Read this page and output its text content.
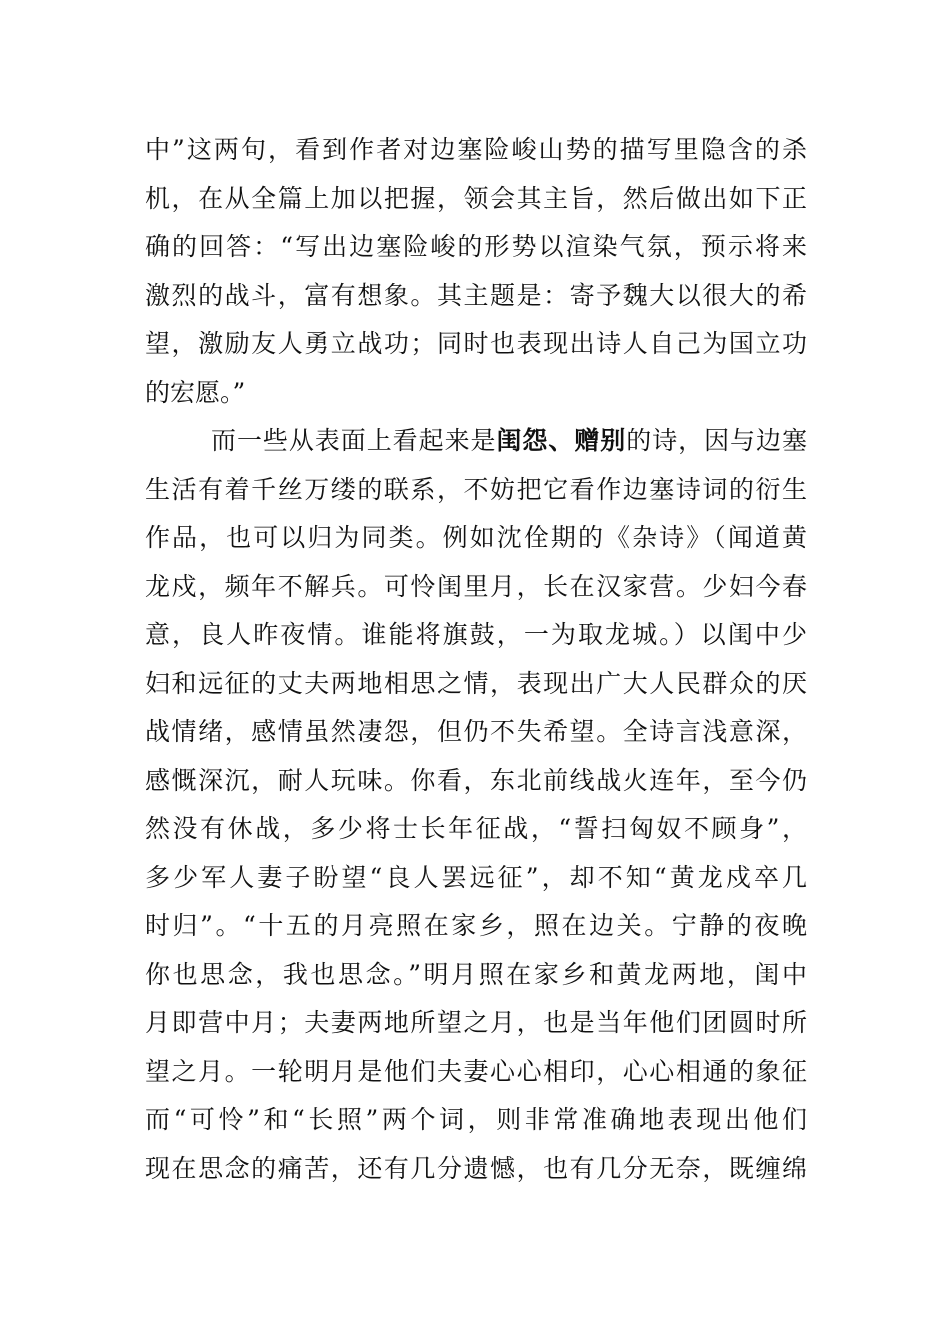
中”这两句，看到作者对边塞险峻山势的描写里隐含的杀
机，在从全篇上加以把握，领会其主旨，然后做出如下正
确的回答：“写出边塞险峻的形势以渲染气氛，预示将来
激烈的战斗，富有想象。其主题是：寄予魏大以很大的希
望，激励友人勇立战功；同时也表现出诗人自己为国立功
的宏愿。”
而一些从表面上看起来是闺怨、赠别的诗，因与边塞
生活有着千丝万缕的联系，不妨把它看作边塞诗词的衍生
作品，也可以归为同类。例如沈佺期的《杂诗》（闻道黄
龙戍，频年不解兵。可怜闺里月，长在汉家营。少妇今春
意，良人昨夜情。谁能将旗鼓，一为取龙城。）以闺中少
妇和远征的丈夫两地相思之情，表现出广大人民群众的厌
战情绪，感情虽然凄怨，但仍不失希望。全诗言浅意深，
感慨深沉，耐人玩味。你看，东北前线战火连年，至今仍
然没有休战，多少将士长年征战，“誓扫匈奴不顾身”，
多少军人妻子盼望“良人罢远征”，却不知“黄龙戍卒几
时归”。“十五的月亮照在家乡，照在边关。宁静的夜晚
你也思念，我也思念。”明月照在家乡和黄龙两地，闺中
月即营中月；夫妻两地所望之月，也是当年他们团圆时所
望之月。一轮明月是他们夫妻心心相印，心心相通的象征
而“可怜”和“长照”两个词，则非常准确地表现出他们
现在思念的痛苦，还有几分遗憾，也有几分无奈，既缠绵
